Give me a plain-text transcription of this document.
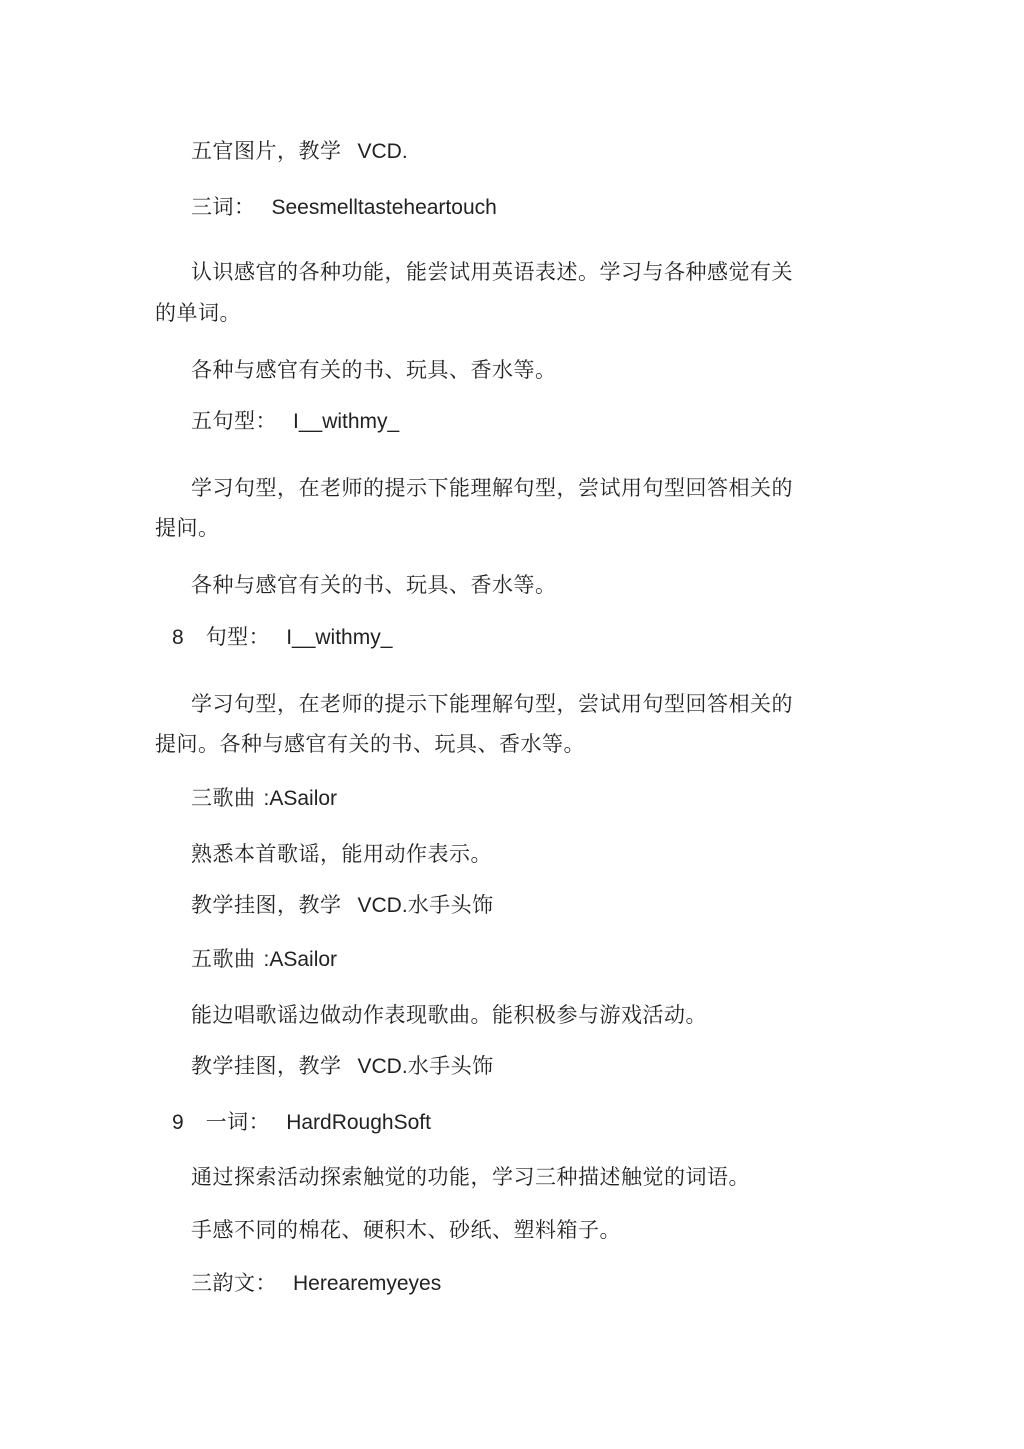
五官图片，教学 VCD.
三词： Seesmelltasteheartouch
认识感官的各种功能，能尝试用英语表述。学习与各种感觉有关
的单词。
各种与感官有关的书、玩具、香水等。
五句型： I__withmy_
学习句型，在老师的提示下能理解句型，尝试用句型回答相关的
提问。
各种与感官有关的书、玩具、香水等。
8 句型： I__withmy_
学习句型，在老师的提示下能理解句型，尝试用句型回答相关的
提问。各种与感官有关的书、玩具、香水等。
三歌曲 :ASailor
熟悉本首歌谣，能用动作表示。
教学挂图，教学 VCD.水手头饰
五歌曲 :ASailor
能边唱歌谣边做动作表现歌曲。能积极参与游戏活动。
教学挂图，教学 VCD.水手头饰
9 一词： HardRoughSoft
通过探索活动探索触觉的功能，学习三种描述触觉的词语。
手感不同的棉花、硬积木、砂纸、塑料箱子。
三韵文： Herearemyeyes
